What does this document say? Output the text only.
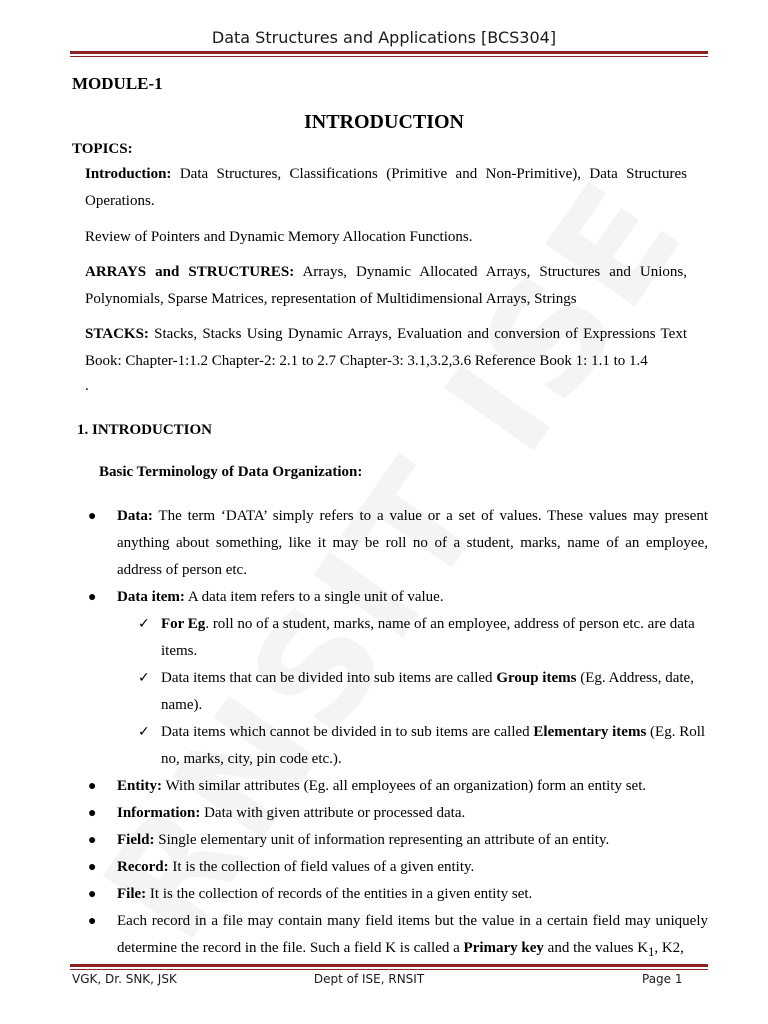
Data Structures and Applications [BCS304]
MODULE-1
INTRODUCTION
TOPICS:
Introduction: Data Structures, Classifications (Primitive and Non-Primitive), Data Structures Operations.
Review of Pointers and Dynamic Memory Allocation Functions.
ARRAYS and STRUCTURES: Arrays, Dynamic Allocated Arrays, Structures and Unions, Polynomials, Sparse Matrices, representation of Multidimensional Arrays, Strings
STACKS: Stacks, Stacks Using Dynamic Arrays, Evaluation and conversion of Expressions Text Book: Chapter-1:1.2 Chapter-2: 2.1 to 2.7 Chapter-3: 3.1,3.2,3.6 Reference Book 1: 1.1 to 1.4
.
1. INTRODUCTION
Basic Terminology of Data Organization:
● Data: The term ‘DATA’ simply refers to a value or a set of values. These values may present anything about something, like it may be roll no of a student, marks, name of an employee, address of person etc.
● Data item: A data item refers to a single unit of value.
✓ For Eg. roll no of a student, marks, name of an employee, address of person etc. are data items.
✓ Data items that can be divided into sub items are called Group items (Eg. Address, date, name).
✓ Data items which cannot be divided in to sub items are called Elementary items (Eg. Roll no, marks, city, pin code etc.).
● Entity: With similar attributes (Eg. all employees of an organization) form an entity set.
● Information: Data with given attribute or processed data.
● Field: Single elementary unit of information representing an attribute of an entity.
● Record: It is the collection of field values of a given entity.
● File: It is the collection of records of the entities in a given entity set.
● Each record in a file may contain many field items but the value in a certain field may uniquely determine the record in the file. Such a field K is called a Primary key and the values $K_1$, K2,
VGK, Dr. SNK, JSK	Dept of ISE, RNSIT	Page 1
